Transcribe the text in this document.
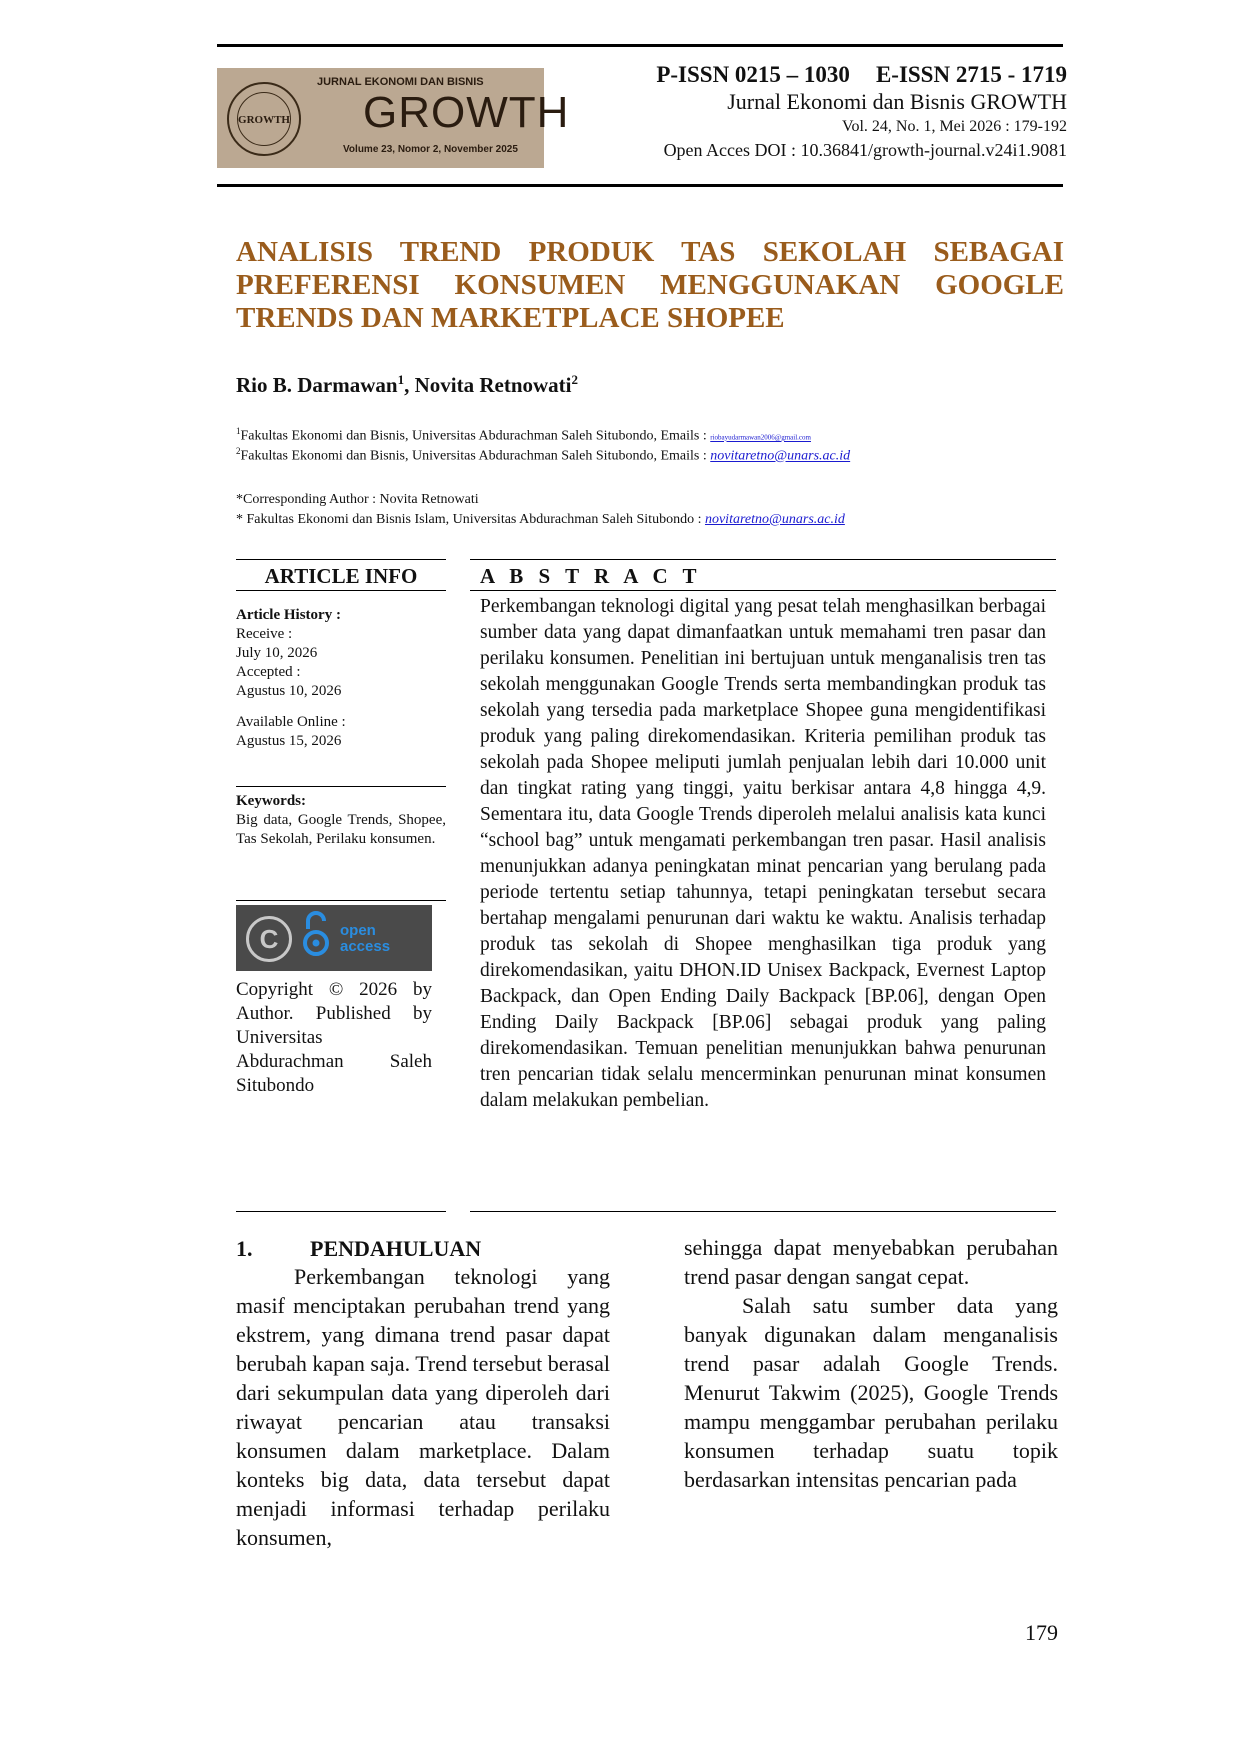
GROWTH
JURNAL EKONOMI DAN BISNIS
GROWTH
Volume 23, Nomor 2, November 2025
P-ISSN 0215 – 1030 E-ISSN 2715 - 1719
Jurnal Ekonomi dan Bisnis GROWTH
Vol. 24, No. 1, Mei 2026 : 179-192
Open Acces DOI : 10.36841/growth-journal.v24i1.9081
ANALISIS TREND PRODUK TAS SEKOLAH SEBAGAI PREFERENSI KONSUMEN MENGGUNAKAN GOOGLE TRENDS DAN MARKETPLACE SHOPEE
Rio B. Darmawan$^1$, Novita Retnowati$^2$
$^1$Fakultas Ekonomi dan Bisnis, Universitas Abdurachman Saleh Situbondo, Emails : riobayudarmawan2006@gmail.com
$^2$Fakultas Ekonomi dan Bisnis, Universitas Abdurachman Saleh Situbondo, Emails : novitaretno@unars.ac.id
*Corresponding Author : Novita Retnowati
* Fakultas Ekonomi dan Bisnis Islam, Universitas Abdurachman Saleh Situbondo : novitaretno@unars.ac.id
ARTICLE INFO	A B S T R A C T
Article History :
Receive :
July 10, 2026
Accepted :
Agustus 10, 2026
Available Online :
Agustus 15, 2026
Keywords:
Big data, Google Trends, Shopee, Tas Sekolah, Perilaku konsumen.
C	open
access
Copyright © 2026 by Author. Published by Universitas Abdurachman Saleh Situbondo
Perkembangan teknologi digital yang pesat telah menghasilkan berbagai sumber data yang dapat dimanfaatkan untuk memahami tren pasar dan perilaku konsumen. Penelitian ini bertujuan untuk menganalisis tren tas sekolah menggunakan Google Trends serta membandingkan produk tas sekolah yang tersedia pada marketplace Shopee guna mengidentifikasi produk yang paling direkomendasikan. Kriteria pemilihan produk tas sekolah pada Shopee meliputi jumlah penjualan lebih dari 10.000 unit dan tingkat rating yang tinggi, yaitu berkisar antara 4,8 hingga 4,9. Sementara itu, data Google Trends diperoleh melalui analisis kata kunci “school bag” untuk mengamati perkembangan tren pasar. Hasil analisis menunjukkan adanya peningkatan minat pencarian yang berulang pada periode tertentu setiap tahunnya, tetapi peningkatan tersebut secara bertahap mengalami penurunan dari waktu ke waktu. Analisis terhadap produk tas sekolah di Shopee menghasilkan tiga produk yang direkomendasikan, yaitu DHON.ID Unisex Backpack, Evernest Laptop Backpack, dan Open Ending Daily Backpack [BP.06], dengan Open Ending Daily Backpack [BP.06] sebagai produk yang paling direkomendasikan. Temuan penelitian menunjukkan bahwa penurunan tren pencarian tidak selalu mencerminkan penurunan minat konsumen dalam melakukan pembelian.
1.	PENDAHULUAN

Perkembangan teknologi yang masif menciptakan perubahan trend yang ekstrem, yang dimana trend pasar dapat berubah kapan saja. Trend tersebut berasal dari sekumpulan data yang diperoleh dari riwayat pencarian atau transaksi konsumen dalam marketplace. Dalam konteks big data, data tersebut dapat menjadi informasi terhadap perilaku konsumen,

sehingga dapat menyebabkan perubahan trend pasar dengan sangat cepat.

Salah satu sumber data yang banyak digunakan dalam menganalisis trend pasar adalah Google Trends. Menurut Takwim (2025), Google Trends mampu menggambar perubahan perilaku konsumen terhadap suatu topik berdasarkan intensitas pencarian pada

179
